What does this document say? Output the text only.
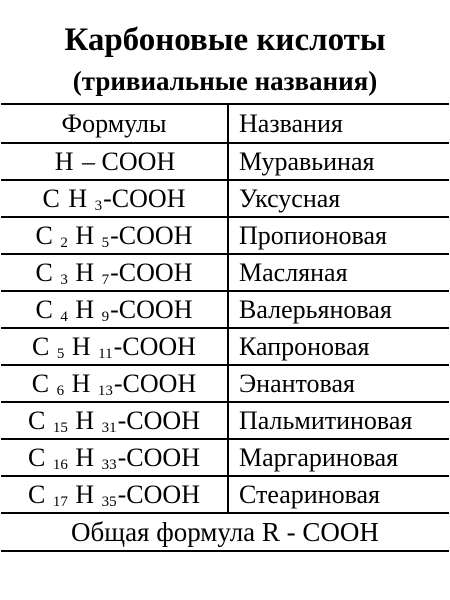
Карбоновые кислоты
(тривиальные названия)
Формулы	Названия
H – COOH	Муравьиная
C H $_3$-COOH	Уксусная
C $_2$ H $_5$-COOH	Пропионовая
C $_3$ H $_7$-COOH	Масляная
C $_4$ H $_9$-COOH	Валерьяновая
C $_5$ H $_{11}$-COOH	Капроновая
C $_6$ H $_{13}$-COOH	Энантовая
C $_{15}$ H $_{31}$-COOH	Пальмитиновая
C $_{16}$ H $_{33}$-COOH	Маргариновая
C $_{17}$ H $_{35}$-COOH	Стеариновая
Общая формула R - COOH
